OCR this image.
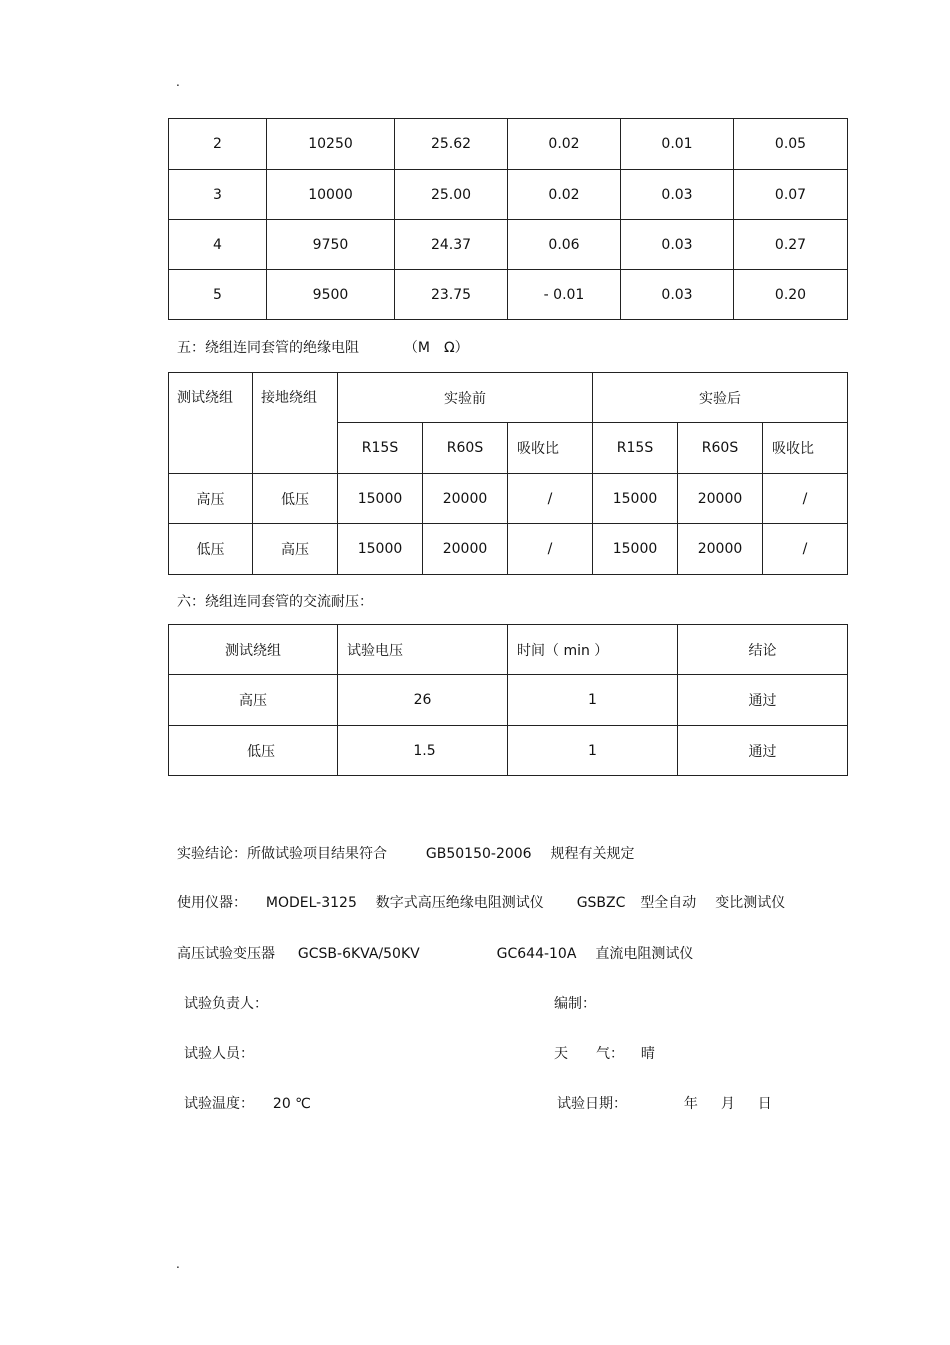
.
2	10250	25.62	0.02	0.01	0.05
3	10000	25.00	0.02	0.03	0.07
4	9750	24.37	0.06	0.03	0.27
5	9500	23.75	- 0.01	0.03	0.20
五：绕组连同套管的绝缘电阻	（M　Ω）
测试绕组	接地绕组	实验前			实验后		
		R15S	R60S	吸收比	R15S	R60S	吸收比
高压	低压	15000	20000	/	15000	20000	/
低压	高压	15000	20000	/	15000	20000	/
六：绕组连同套管的交流耐压：
测试绕组	试验电压	时间（ min ）	结论
高压	26	1	通过
低压	1.5	1	通过
实验结论：所做试验项目结果符合	GB50150-2006 规程有关规定
使用仪器： MODEL-3125 数字式高压绝缘电阻测试仪 GSBZC 型全自动 变比测试仪
高压试验变压器 GCSB-6KVA/50KV	GC644-10A 直流电阻测试仪
试验负责人：	编制：
试验人员：	天　　气： 晴
试验温度： 20 ℃	试验日期：	年 月 日
.
